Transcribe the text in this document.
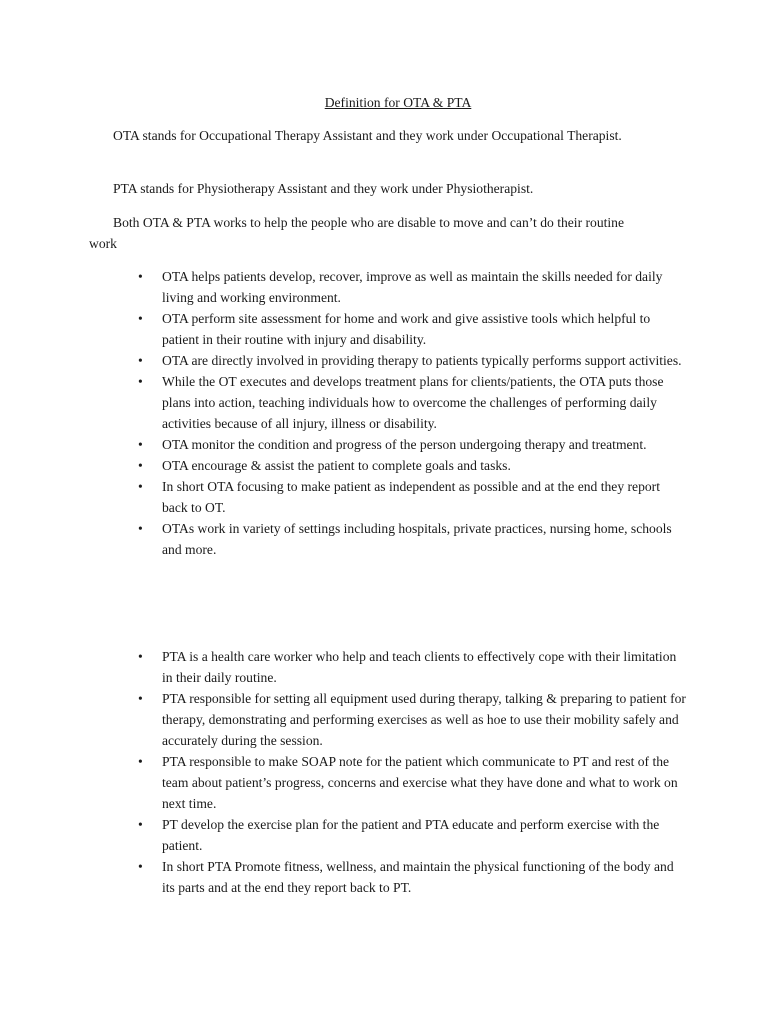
Definition for OTA & PTA

OTA stands for Occupational Therapy Assistant and they work under Occupational Therapist.

PTA stands for Physiotherapy Assistant and they work under Physiotherapist.

Both OTA & PTA works to help the people who are disable to move and can’t do their routine work

• OTA helps patients develop, recover, improve as well as maintain the skills needed for daily living and working environment.
• OTA perform site assessment for home and work and give assistive tools which helpful to patient in their routine with injury and disability.
• OTA are directly involved in providing therapy to patients typically performs support activities.
• While the OT executes and develops treatment plans for clients/patients, the OTA puts those plans into action, teaching individuals how to overcome the challenges of performing daily activities because of all injury, illness or disability.
• OTA monitor the condition and progress of the person undergoing therapy and treatment.
• OTA encourage & assist the patient to complete goals and tasks.
• In short OTA focusing to make patient as independent as possible and at the end they report back to OT.
• OTAs work in variety of settings including hospitals, private practices, nursing home, schools and more.
• PTA is a health care worker who help and teach clients to effectively cope with their limitation in their daily routine.
• PTA responsible for setting all equipment used during therapy, talking & preparing to patient for therapy, demonstrating and performing exercises as well as hoe to use their mobility safely and accurately during the session.
• PTA responsible to make SOAP note for the patient which communicate to PT and rest of the team about patient’s progress, concerns and exercise what they have done and what to work on next time.
• PT develop the exercise plan for the patient and PTA educate and perform exercise with the patient.
• In short PTA Promote fitness, wellness, and maintain the physical functioning of the body and its parts and at the end they report back to PT.
